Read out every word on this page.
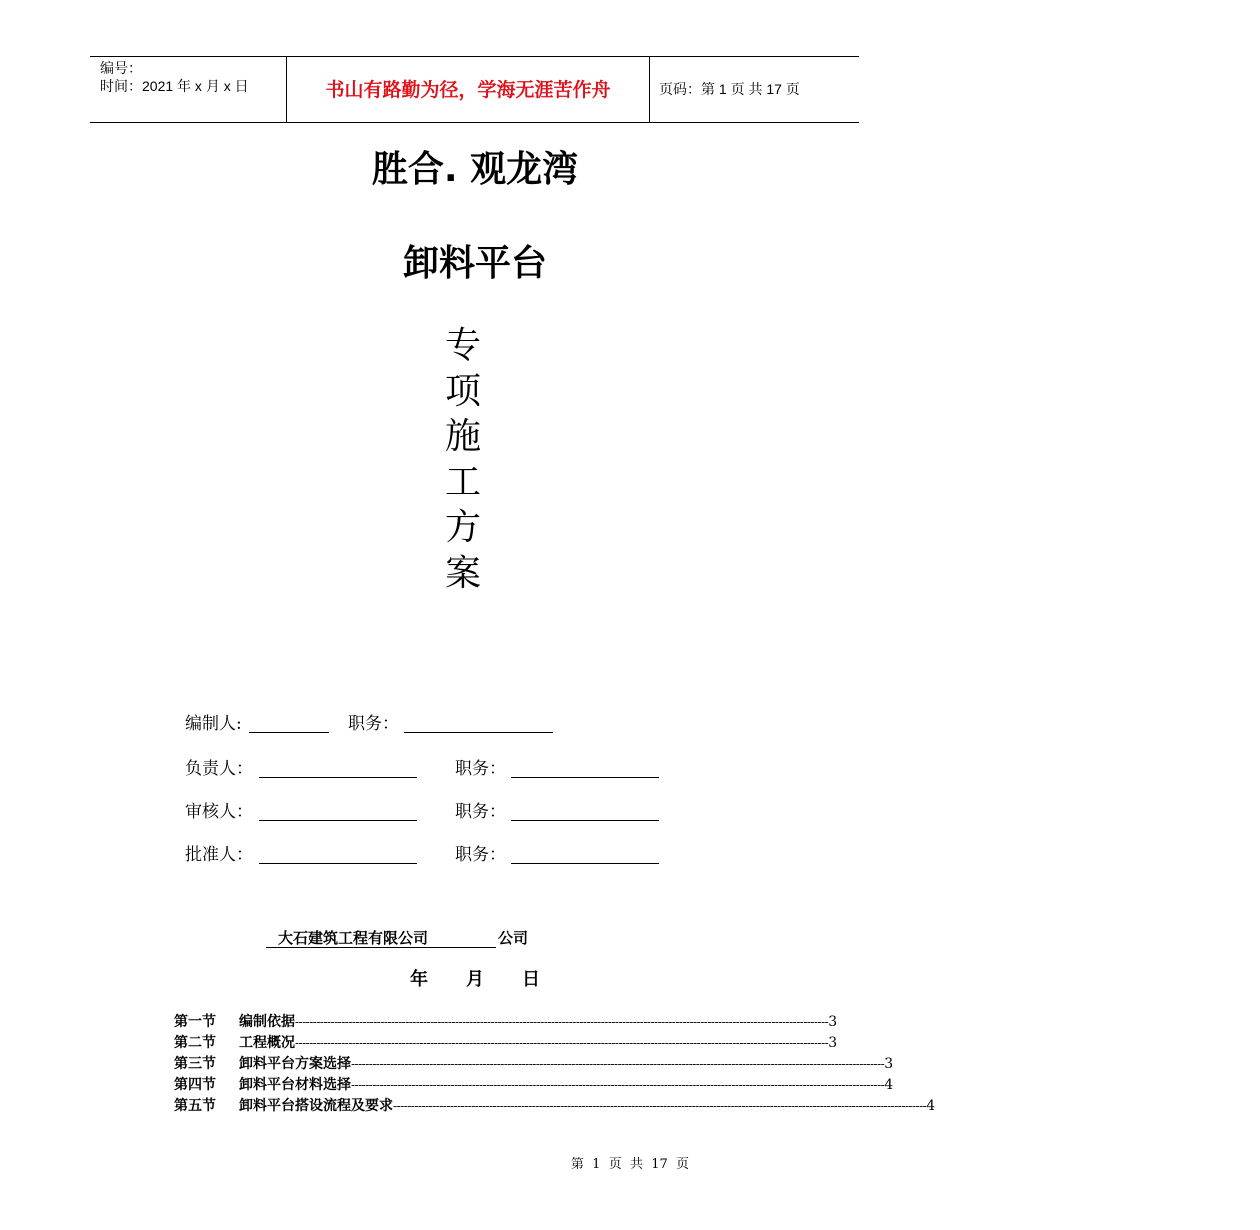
编号：
时间：2021 年 x 月 x 日	书山有路勤为径，学海无涯苦作舟	页码：第 1 页 共 17 页
胜合. 观龙湾
卸料平台
专
项
施
工
方
案
编制人:	职务：
负责人：	职务：
审核人：	职务：
批准人：	职务：
大石建筑工程有限公司	公司
年 月 日
第一节	编制依据 ------------------------------------------------------------------------------------------------------------------------------------------------------ 3
第二节	工程概况 ------------------------------------------------------------------------------------------------------------------------------------------------------ 3
第三节	卸料平台方案选择 ------------------------------------------------------------------------------------------------------------------------------------------------------ 3
第四节	卸料平台材料选择 ------------------------------------------------------------------------------------------------------------------------------------------------------ 4
第五节	卸料平台搭设流程及要求 ------------------------------------------------------------------------------------------------------------------------------------------------------ 4
第  1  页  共  17  页
